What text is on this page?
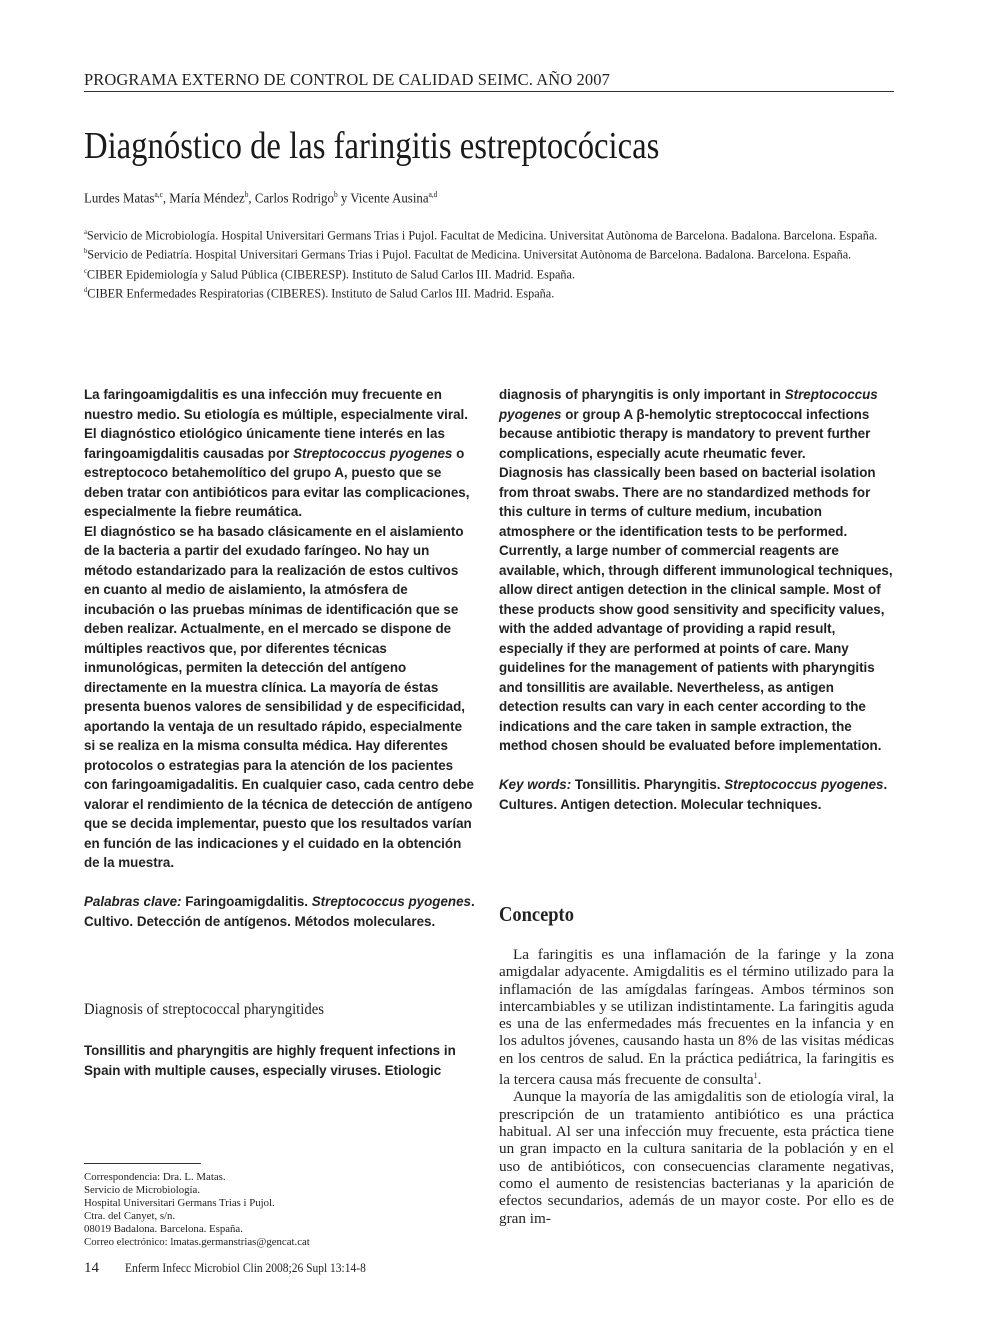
PROGRAMA EXTERNO DE CONTROL DE CALIDAD SEIMC. AÑO 2007
Diagnóstico de las faringitis estreptocócicas
Lurdes Matas$^{a,c}$, María Méndez$^b$, Carlos Rodrigo$^b$ y Vicente Ausina$^{a,d}$

$^a$Servicio de Microbiología. Hospital Universitari Germans Trias i Pujol. Facultat de Medicina. Universitat Autònoma de Barcelona. Badalona. Barcelona. España.

$^b$Servicio de Pediatría. Hospital Universitari Germans Trias i Pujol. Facultat de Medicina. Universitat Autònoma de Barcelona. Badalona. Barcelona. España.

$^c$CIBER Epidemiología y Salud Pública (CIBERESP). Instituto de Salud Carlos III. Madrid. España.

$^d$CIBER Enfermedades Respiratorias (CIBERES). Instituto de Salud Carlos III. Madrid. España.

La faringoamigdalitis es una infección muy frecuente en nuestro medio. Su etiología es múltiple, especialmente viral. El diagnóstico etiológico únicamente tiene interés en las faringoamigdalitis causadas por Streptococcus pyogenes o estreptococo betahemolítico del grupo A, puesto que se deben tratar con antibióticos para evitar las complicaciones, especialmente la fiebre reumática.

El diagnóstico se ha basado clásicamente en el aislamiento de la bacteria a partir del exudado faríngeo. No hay un método estandarizado para la realización de estos cultivos en cuanto al medio de aislamiento, la atmósfera de incubación o las pruebas mínimas de identificación que se deben realizar. Actualmente, en el mercado se dispone de múltiples reactivos que, por diferentes técnicas inmunológicas, permiten la detección del antígeno directamente en la muestra clínica. La mayoría de éstas presenta buenos valores de sensibilidad y de especificidad, aportando la ventaja de un resultado rápido, especialmente si se realiza en la misma consulta médica. Hay diferentes protocolos o estrategias para la atención de los pacientes con faringoamigadalitis. En cualquier caso, cada centro debe valorar el rendimiento de la técnica de detección de antígeno que se decida implementar, puesto que los resultados varían en función de las indicaciones y el cuidado en la obtención de la muestra.

Palabras clave: Faringoamigdalitis. Streptococcus pyogenes. Cultivo. Detección de antígenos. Métodos moleculares.

Diagnosis of streptococcal pharyngitides

Tonsillitis and pharyngitis are highly frequent infections in Spain with multiple causes, especially viruses. Etiologic

diagnosis of pharyngitis is only important in Streptococcus pyogenes or group A β-hemolytic streptococcal infections because antibiotic therapy is mandatory to prevent further complications, especially acute rheumatic fever.

Diagnosis has classically been based on bacterial isolation from throat swabs. There are no standardized methods for this culture in terms of culture medium, incubation atmosphere or the identification tests to be performed. Currently, a large number of commercial reagents are available, which, through different immunological techniques, allow direct antigen detection in the clinical sample. Most of these products show good sensitivity and specificity values, with the added advantage of providing a rapid result, especially if they are performed at points of care. Many guidelines for the management of patients with pharyngitis and tonsillitis are available. Nevertheless, as antigen detection results can vary in each center according to the indications and the care taken in sample extraction, the method chosen should be evaluated before implementation.

Key words: Tonsillitis. Pharyngitis. Streptococcus pyogenes. Cultures. Antigen detection. Molecular techniques.

Concepto

La faringitis es una inflamación de la faringe y la zona amigdalar adyacente. Amigdalitis es el término utilizado para la inflamación de las amígdalas faríngeas. Ambos términos son intercambiables y se utilizan indistintamente. La faringitis aguda es una de las enfermedades más frecuentes en la infancia y en los adultos jóvenes, causando hasta un 8% de las visitas médicas en los centros de salud. En la práctica pediátrica, la faringitis es la tercera causa más frecuente de consulta$^1$.

Aunque la mayoría de las amigdalitis son de etiología viral, la prescripción de un tratamiento antibiótico es una práctica habitual. Al ser una infección muy frecuente, esta práctica tiene un gran impacto en la cultura sanitaria de la población y en el uso de antibióticos, con consecuencias claramente negativas, como el aumento de resistencias bacterianas y la aparición de efectos secundarios, además de un mayor coste. Por ello es de gran im-

Correspondencia: Dra. L. Matas.
Servicio de Microbiología.
Hospital Universitari Germans Trias i Pujol.
Ctra. del Canyet, s/n.
08019 Badalona. Barcelona. España.
Correo electrónico: lmatas.germanstrias@gencat.cat
14 Enferm Infecc Microbiol Clin 2008;26 Supl 13:14-8
